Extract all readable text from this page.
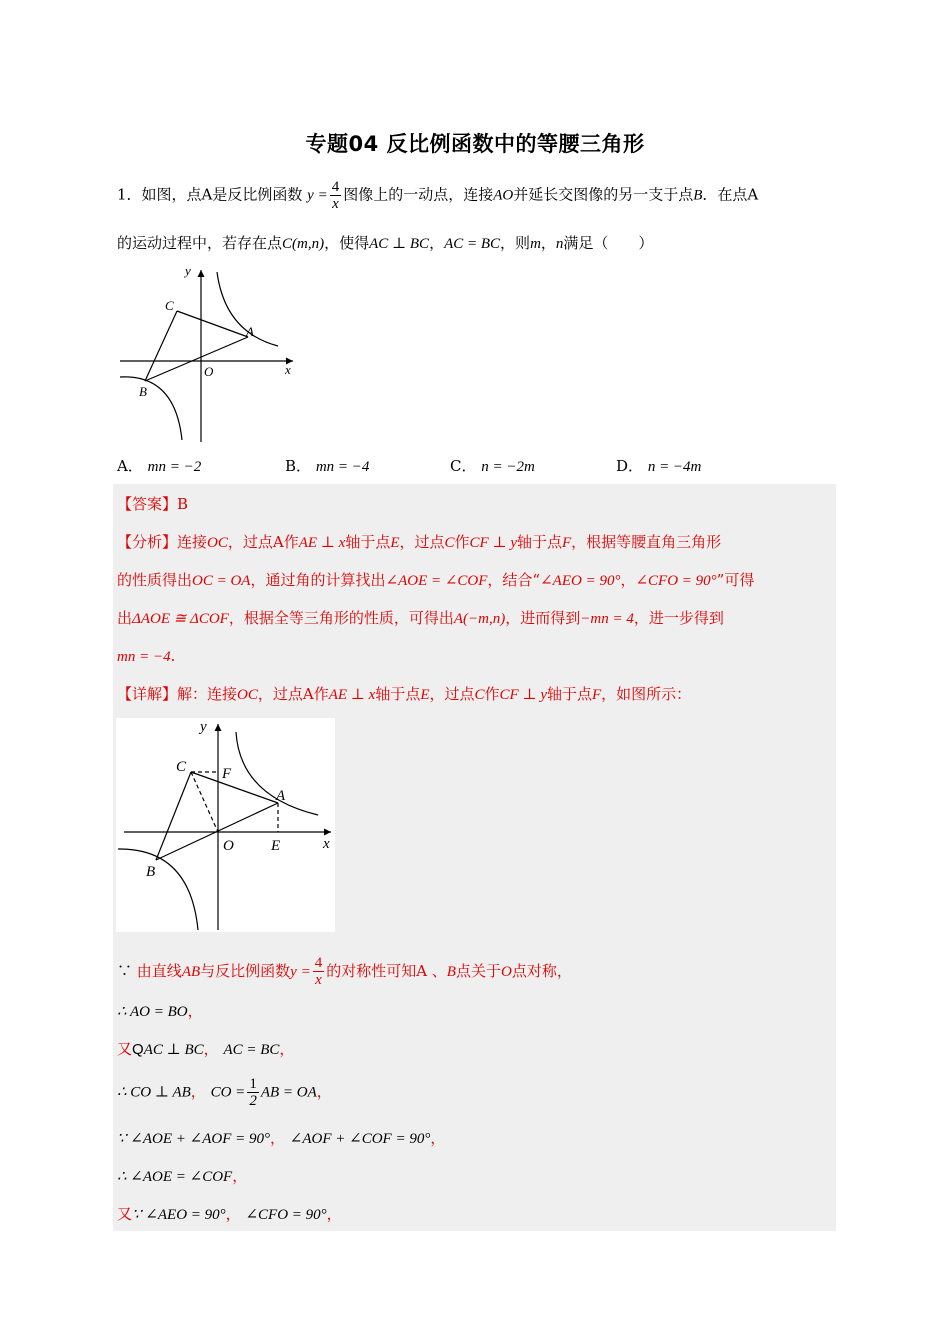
专题04 反比例函数中的等腰三角形
1．如图，点A是反比例函数 $y = \frac{4}{x}$ 图像上的一动点，连接AO并延长交图像的另一支于点B．在点A
的运动过程中，若存在点C(m,n)，使得AC ⊥ BC，AC = BC，则m，n满足（　　）
y
x
C
A
O
B
A． mn = −2	B． mn = −4	C． n = −2m	D． n = −4m
【答案】B
【分析】连接OC，过点A作AE ⊥ x轴于点E，过点C作CF ⊥ y轴于点F，根据等腰直角三角形
的性质得出OC = OA，通过角的计算找出∠AOE = ∠COF，结合“∠AEO = 90°，∠CFO = 90°”可得
出ΔAOE ≅ ΔCOF，根据全等三角形的性质，可得出A(−m,n)，进而得到−mn = 4，进一步得到
mn = −4.
【详解】解：连接OC，过点A作AE ⊥ x轴于点E，过点C作CF ⊥ y轴于点F，如图所示：
y
x
C F
A
O E
B
∵ 由直线AB与反比例函数$y = \frac{4}{x}$ 的对称性可知A 、B点关于O点对称，
∴ AO = BO，
又QAC ⊥ BC， AC = BC，
∴ CO ⊥ AB， CO = $\frac{1}{2}$ AB = OA，
∵ ∠AOE + ∠AOF = 90°， ∠AOF + ∠COF = 90°，
∴ ∠AOE = ∠COF，
又∵ ∠AEO = 90°， ∠CFO = 90°，
